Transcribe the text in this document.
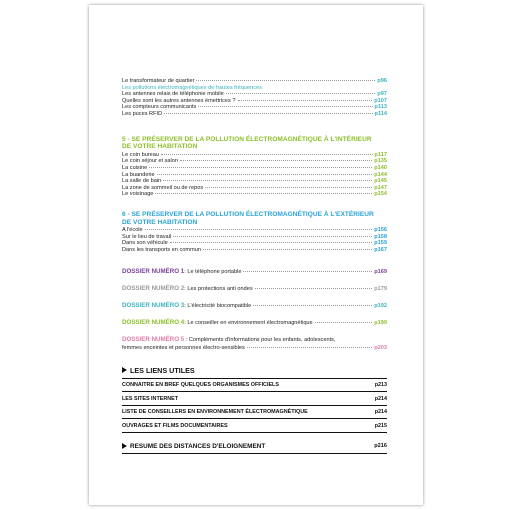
Le transformateur de quartier	p96
Les pollutions électromagnétiques de hautes fréquences
Les antennes relais de téléphonie mobile	p97
Quelles sont les autres antennes émettrices ?	p107
Les compteurs communicants	p113
Les puces RFID	p114
5 - SE PRÉSERVER DE LA POLLUTION ÉLECTROMAGNÉTIQUE À L'INTÉRIEUR
DE VOTRE HABITATION
Le coin bureau	p117
Le coin séjour et salon	p135
La cuisine	p140
La buanderie	p144
La salle de bain	p145
La zone de sommeil ou de repos	p147
Le voisinage	p154
6 - SE PRÉSERVER DE LA POLLUTION ÉLECTROMAGNÉTIQUE À L'EXTÉRIEUR
DE VOTRE HABITATION
A l'école	p156
Sur le lieu de travail	p158
Dans son véhicule	p159
Dans les transports en commun	p167
DOSSIER NUMÉRO 1 : Le téléphone portable	p169
DOSSIER NUMÉRO 2 : Les protections anti ondes	p179
DOSSIER NUMÉRO 3 : L'électricité biocompatible	p192
DOSSIER NUMÉRO 4 : Le conseiller en environnement électromagnétique	p199
DOSSIER NUMÉRO 5 : Compléments d'informations pour les enfants, adolescents,
femmes enceintes et personnes électro-sensibles	p203
LES LIENS UTILES
CONNAITRE EN BREF QUELQUES ORGANISMES OFFICIELS	p213
LES SITES INTERNET	p214
LISTE DE CONSEILLERS EN ENVIRONNEMENT ÉLECTROMAGNÉTIQUE	p214
OUVRAGES ET FILMS DOCUMENTAIRES	p215
RESUME DES DISTANCES D'ELOIGNEMENT	p216
